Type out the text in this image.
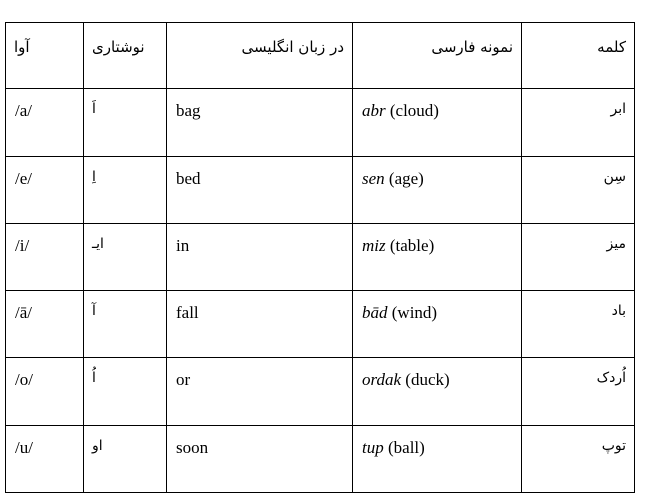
آوا	نوشتاری	در زبان انگلیسی	نمونه فارسی	کلمه
/a/	اَ	bag	abr (cloud)	ابر
/e/	اِ	bed	sen (age)	سِن
/i/	ایـ	in	miz (table)	میز
/ā/	آ	fall	bād (wind)	باد
/o/	اُ	or	ordak (duck)	اُردک
/u/	او	soon	tup (ball)	توپ
